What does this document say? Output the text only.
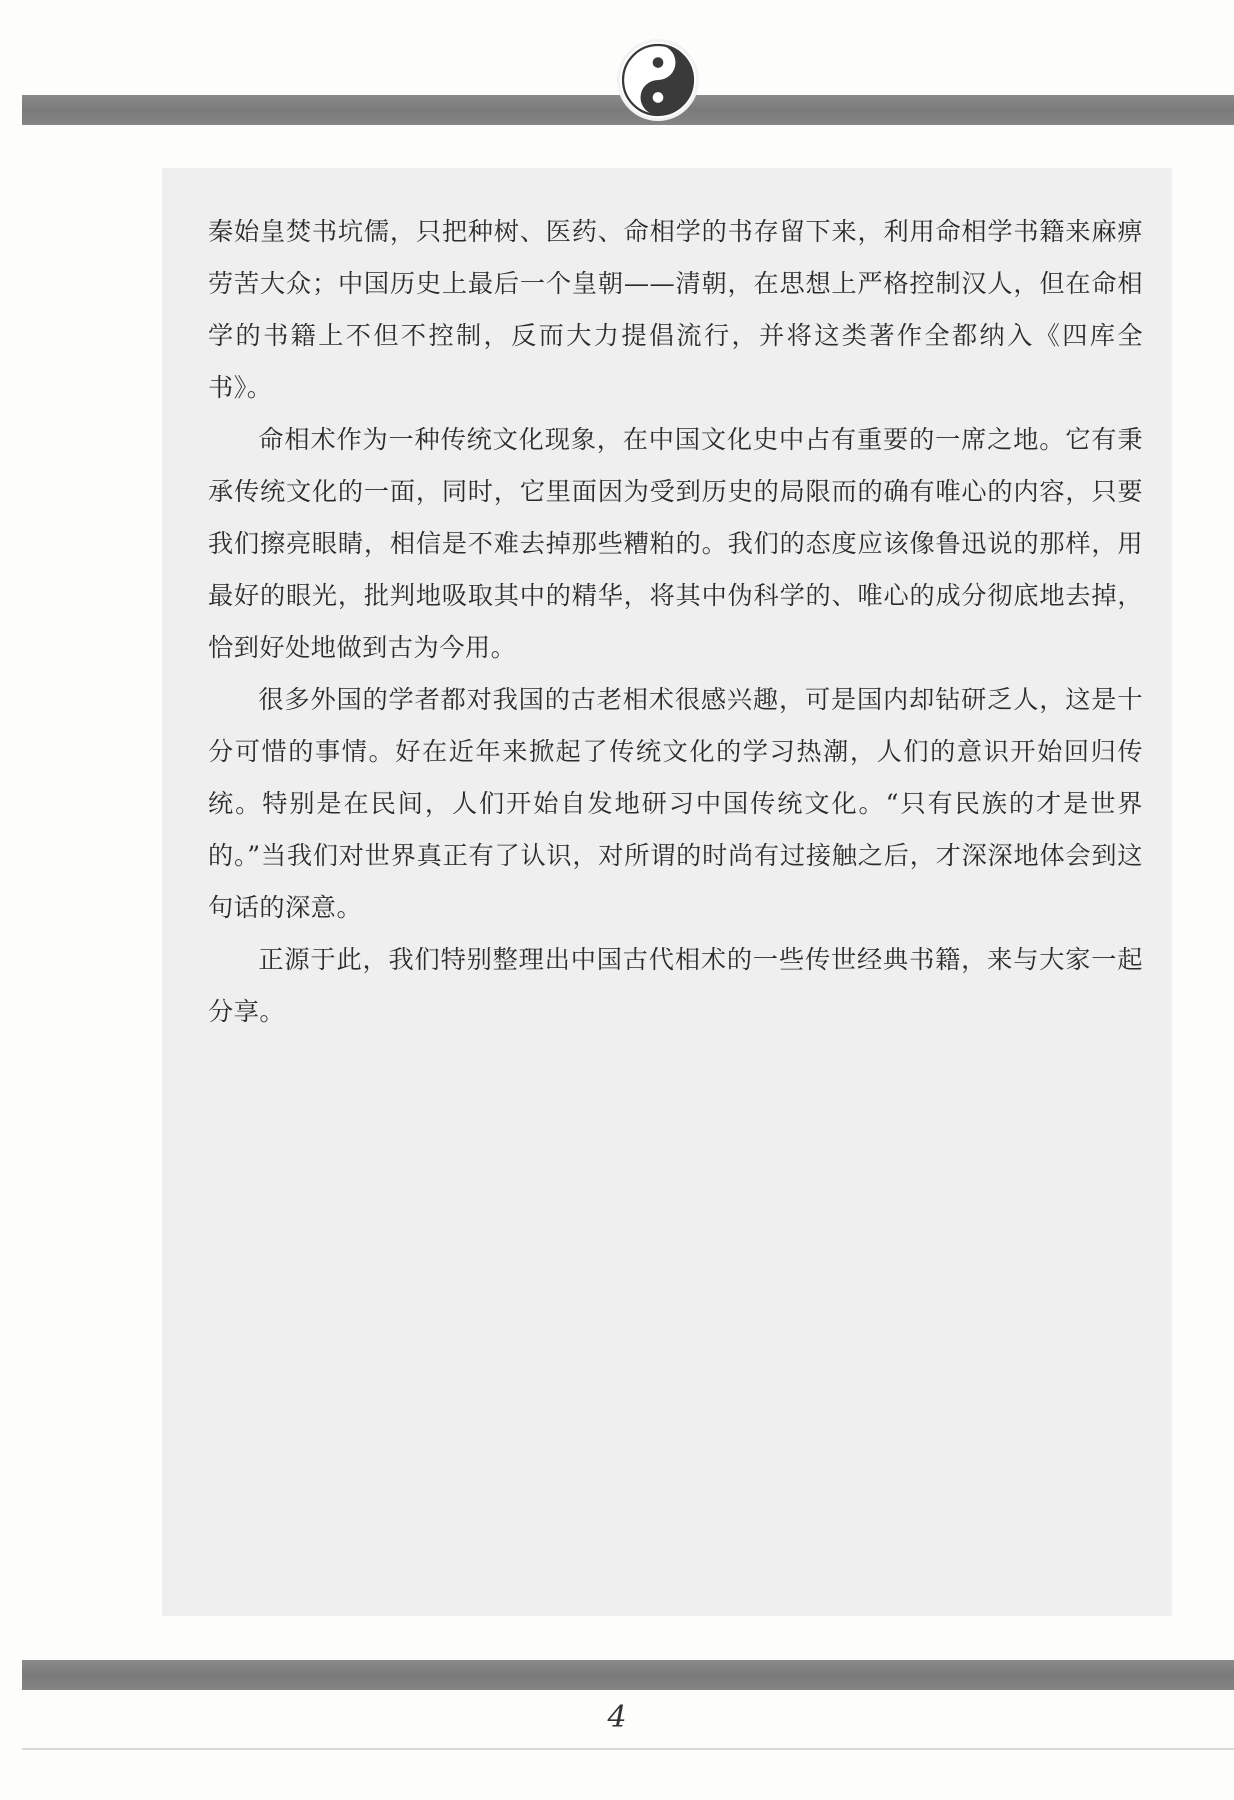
秦始皇焚书坑儒，只把种树、医药、命相学的书存留下来，利用命相学书籍来麻痹劳苦大众；中国历史上最后一个皇朝——清朝，在思想上严格控制汉人，但在命相学的书籍上不但不控制，反而大力提倡流行，并将这类著作全都纳入《四库全书》。

命相术作为一种传统文化现象，在中国文化史中占有重要的一席之地。它有秉承传统文化的一面，同时，它里面因为受到历史的局限而的确有唯心的内容，只要我们擦亮眼睛，相信是不难去掉那些糟粕的。我们的态度应该像鲁迅说的那样，用最好的眼光，批判地吸取其中的精华，将其中伪科学的、唯心的成分彻底地去掉，恰到好处地做到古为今用。

很多外国的学者都对我国的古老相术很感兴趣，可是国内却钻研乏人，这是十分可惜的事情。好在近年来掀起了传统文化的学习热潮，人们的意识开始回归传统。特别是在民间，人们开始自发地研习中国传统文化。“只有民族的才是世界的。”当我们对世界真正有了认识，对所谓的时尚有过接触之后，才深深地体会到这句话的深意。

正源于此，我们特别整理出中国古代相术的一些传世经典书籍，来与大家一起分享。

4
